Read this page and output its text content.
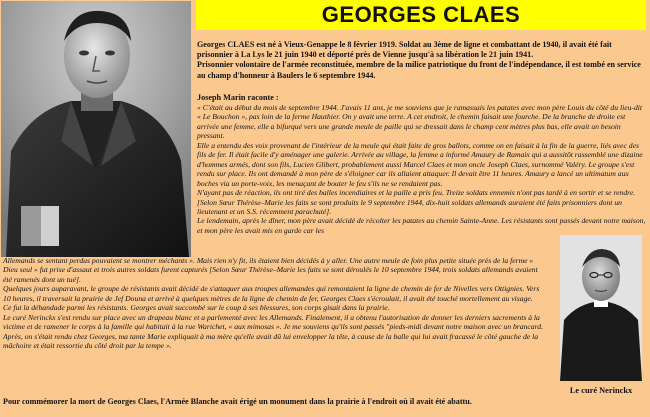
GEORGES CLAES

Georges CLAES est né à Vieux-Genappe le 8 février 1919. Soldat au 3ème de ligne et combattant de 1940, il avait été fait prisonnier à La Lys le 21 juin 1940 et déporté près de Vienne jusqu'à sa libération le 21 juin 1941.

Prisonnier volontaire de l'armée reconstituée, membre de la milice patriotique du front de l'indépendance, il est tombé en service au champ d'honneur à Baulers le 6 septembre 1944.

Joseph Marin raconte :

« C'était au début du mois de septembre 1944. J'avais 11 ans, je me souviens que je ramassais les patates avec mon père Louis du côté du lieu-dit « Le Bouchon », pas loin de la ferme Hauthier. On y avait une terre. A cet endroit, le chemin faisait une fourche. De la branche de droite est arrivée une femme, elle a bifurqué vers une grande meule de paille qui se dressait dans le champ cent mètres plus bas, elle avait un besoin pressant.

Elle a entendu des voix provenant de l'intérieur de la meule qui était faite de gros ballots, comme on en faisait à la fin de la guerre, liés avec des fils de fer. Il était facile d'y aménager une galerie. Arrivée au village, la femme a informé Amaury de Ramaix qui a aussitôt rassemblé une dizaine d'hommes armés, dont son fils, Lucien Glibert, probablement aussi Marcel Claes et mon oncle Joseph Claes, surnommé Valéry. Le groupe s'est rendu sur place. Ils ont demandé à mon père de s'éloigner car ils allaient attaquer. Il devait être 11 heures. Amaury a lancé un ultimatum aux boches via un porte-voix, les menaçant de bouter le feu s'ils ne se rendaient pas.

N'ayant pas de réaction, ils ont tiré des balles incendiaires et la paille a pris feu. Treize soldats ennemis n'ont pas tardé à en sortir et se rendre. [Selon Sœur Thérèse–Marie les faits se sont produits le 9 septembre 1944, dix-huit soldats allemands auraient été faits prisonniers dont un lieutenant et un S.S. récemment parachuté].

Le lendemain, après le dîner, mon père avait décidé de récolter les patates au chemin Sainte-Anne. Les résistants sont passés devant notre maison, et mon père les avait mis en garde car les

Allemands se sentant perdus pouvaient se montrer méchants ». Mais rien n'y fit, ils étaient bien décidés à y aller. Une autre meule de foin plus petite située près de la ferme « Dieu seul » fut prise d'assaut et trois autres soldats furent capturés [Selon Sœur Thérèse–Marie les faits se sont déroulés le 10 septembre 1944, trois soldats allemands avaient été ramenés dont un tué].

Quelques jours auparavant, le groupe de résistants avait décidé de s'attaquer aux troupes allemandes qui remontaient la ligne de chemin de fer de Nivelles vers Ottignies. Vers 10 heures, il traversait la prairie de Jef Douna et arrivé à quelques mètres de la ligne de chemin de fer, Georges Claes s'écroulait, il avait été touché mortellement au visage.

Ce fut la débandade parmi les résistants. Georges avait succombé sur le coup à ses blessures, son corps gisait dans la prairie.

Le curé Nerinckx s'est rendu sur place avec un drapeau blanc et a parlementé avec les Allemands. Finalement, il a obtenu l'autorisation de donner les derniers sacrements à la victime et de ramener le corps à la famille qui habitait à la rue Warichet, « aux mimosas ». Je me souviens qu'ils sont passés "pieds-midi devant notre maison avec un brancard. Après, on s'était rendu chez Georges, ma tante Marie expliquait à ma mère qu'elle avait dû lui envelopper la tête, à cause de la balle qui lui avait fracassé le côté gauche de la mâchoire et était ressortie du côté droit par la tempe ».

Le curé Nerinckx
Pour commémorer la mort de Georges Claes, l'Armée Blanche avait érigé un monument dans la prairie à l'endroit où il avait été abattu.
